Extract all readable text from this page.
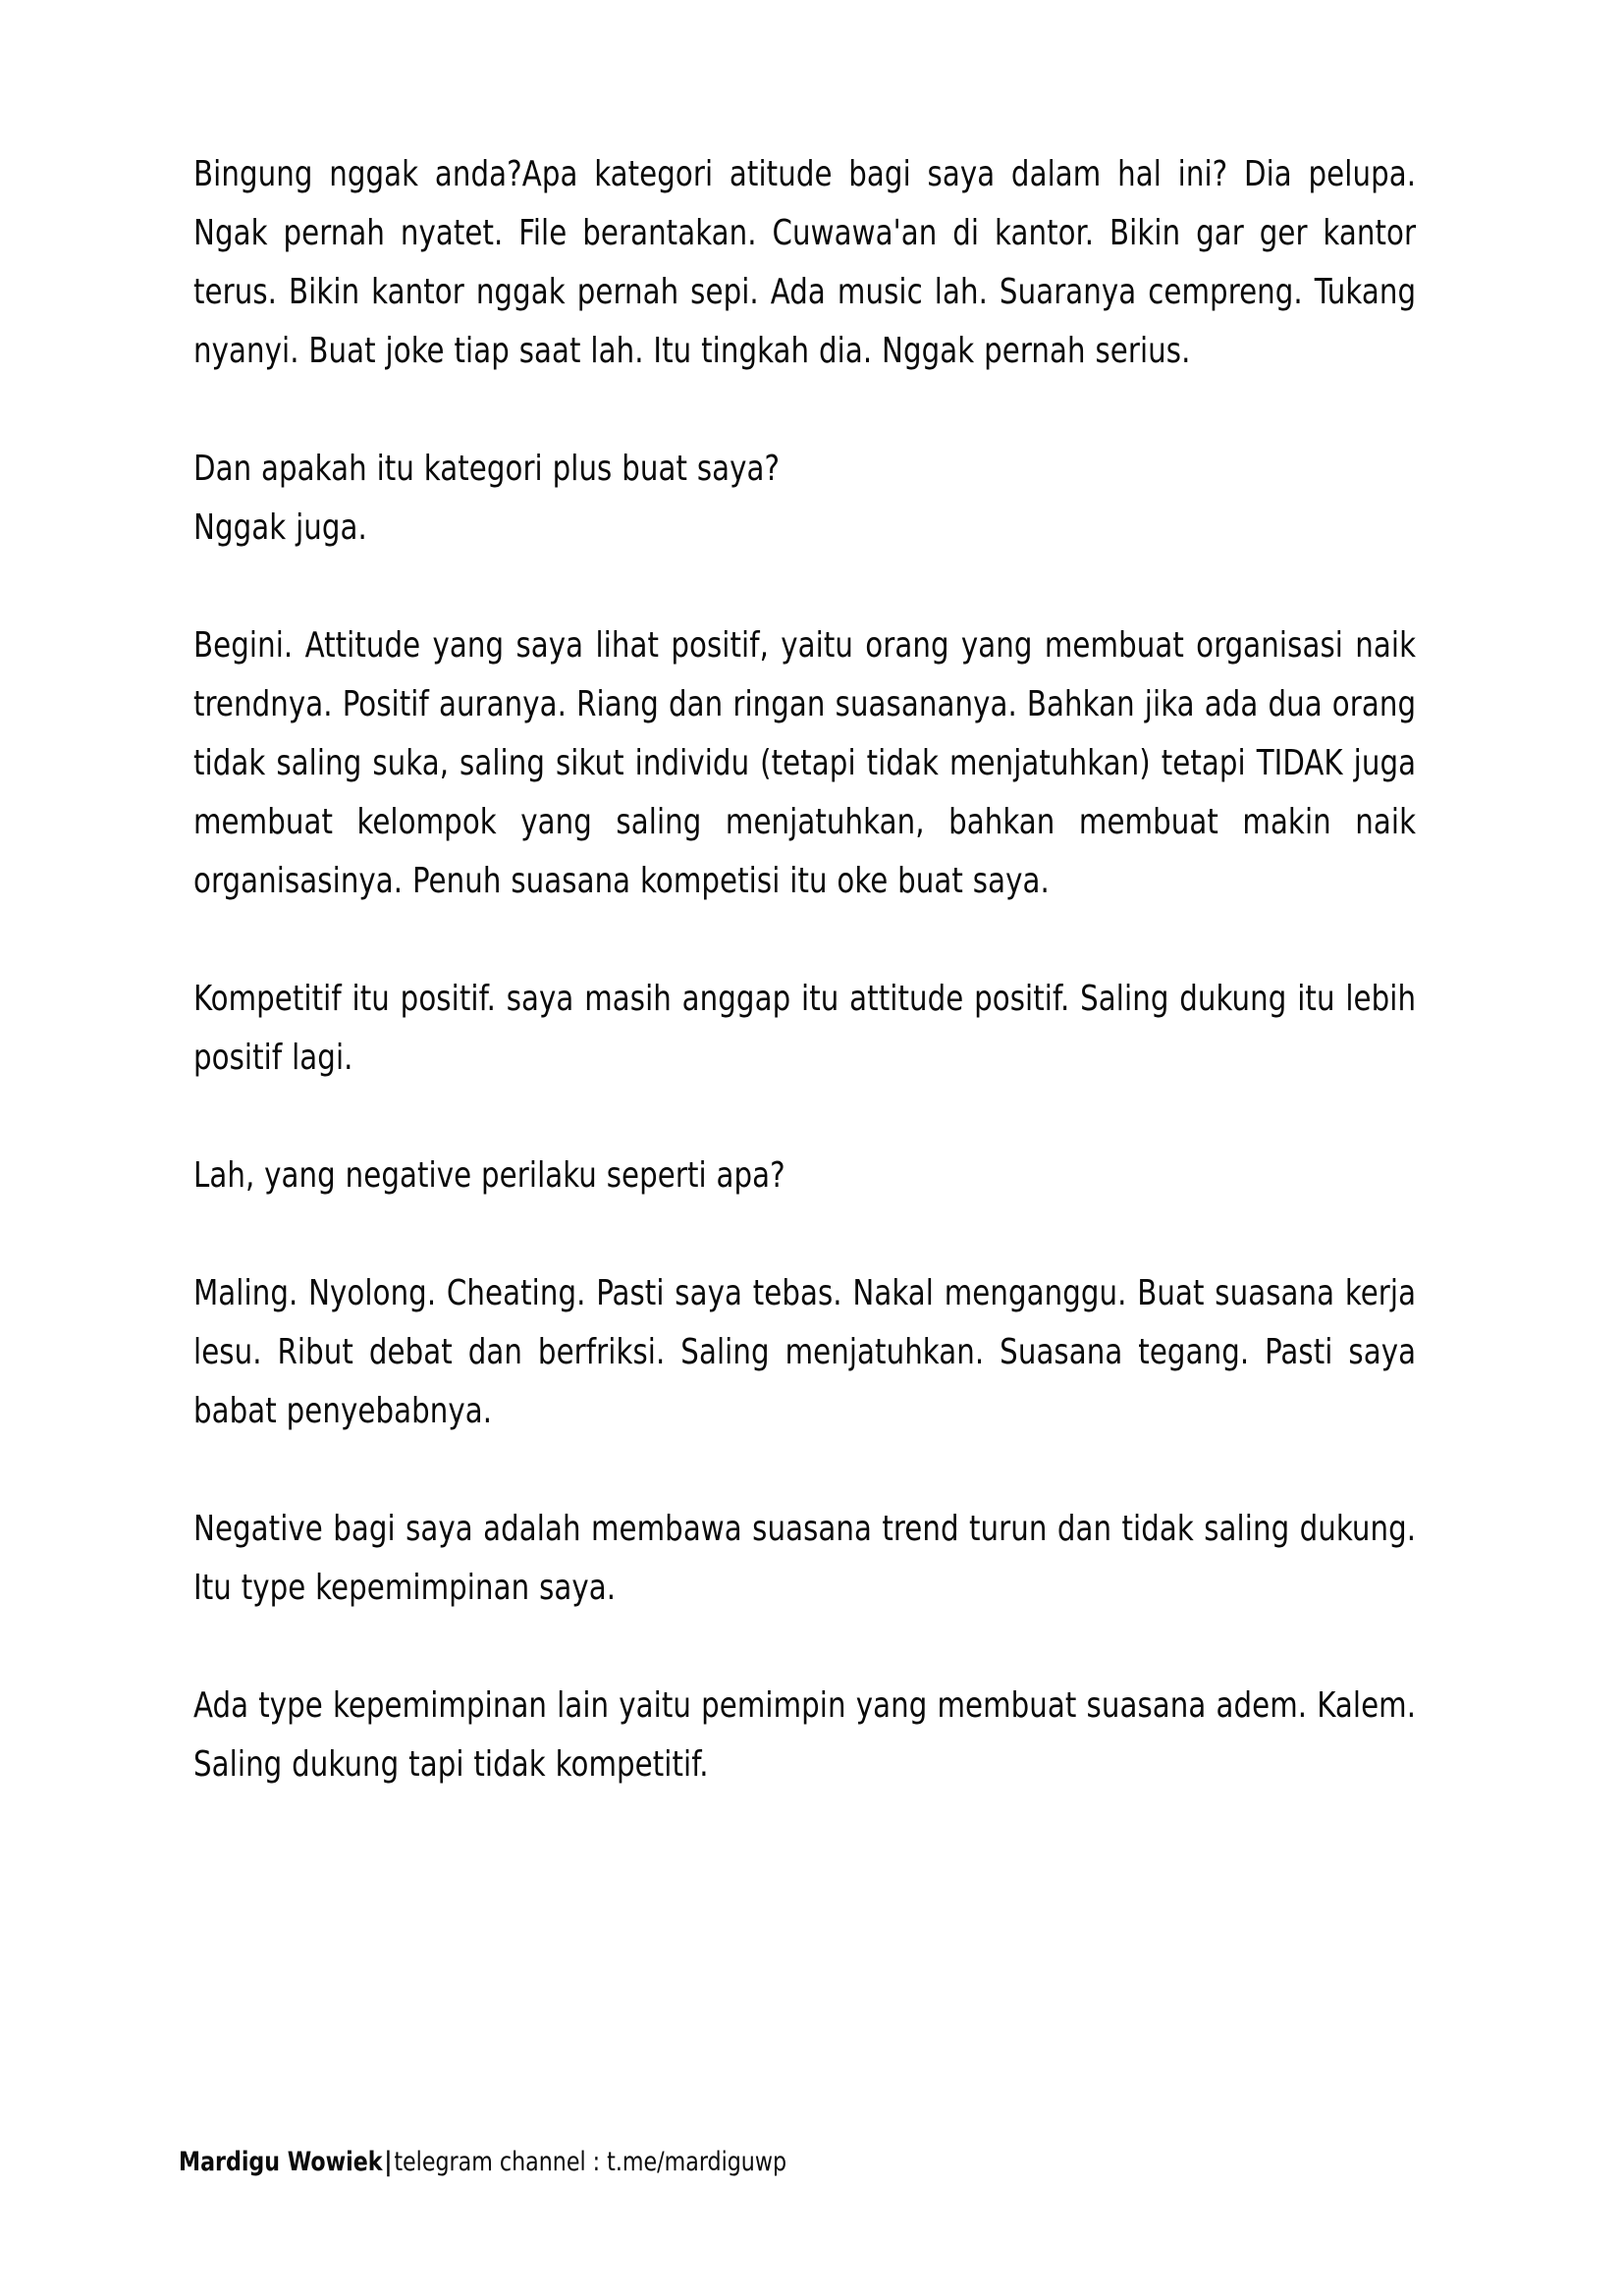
Bingung nggak anda?Apa kategori atitude bagi saya dalam hal ini? Dia pelupa. Ngak pernah nyatet. File berantakan. Cuwawa'an di kantor. Bikin gar ger kantor terus. Bikin kantor nggak pernah sepi. Ada music lah. Suaranya cempreng. Tukang nyanyi. Buat joke tiap saat lah. Itu tingkah dia. Nggak pernah serius.

Dan apakah itu kategori plus buat saya?

Nggak juga.

Begini. Attitude yang saya lihat positif, yaitu orang yang membuat organisasi naik trendnya. Positif auranya. Riang dan ringan suasananya. Bahkan jika ada dua orang tidak saling suka, saling sikut individu (tetapi tidak menjatuhkan) tetapi TIDAK juga membuat kelompok yang saling menjatuhkan, bahkan membuat makin naik organisasinya. Penuh suasana kompetisi itu oke buat saya.

Kompetitif itu positif. saya masih anggap itu attitude positif. Saling dukung itu lebih positif lagi.

Lah, yang negative perilaku seperti apa?

Maling. Nyolong. Cheating. Pasti saya tebas. Nakal menganggu. Buat suasana kerja lesu. Ribut debat dan berfriksi. Saling menjatuhkan. Suasana tegang. Pasti saya babat penyebabnya.

Negative bagi saya adalah membawa suasana trend turun dan tidak saling dukung. Itu type kepemimpinan saya.

Ada type kepemimpinan lain yaitu pemimpin yang membuat suasana adem. Kalem. Saling dukung tapi tidak kompetitif.

Mardigu Wowiek|telegram channel : t.me/mardiguwp
